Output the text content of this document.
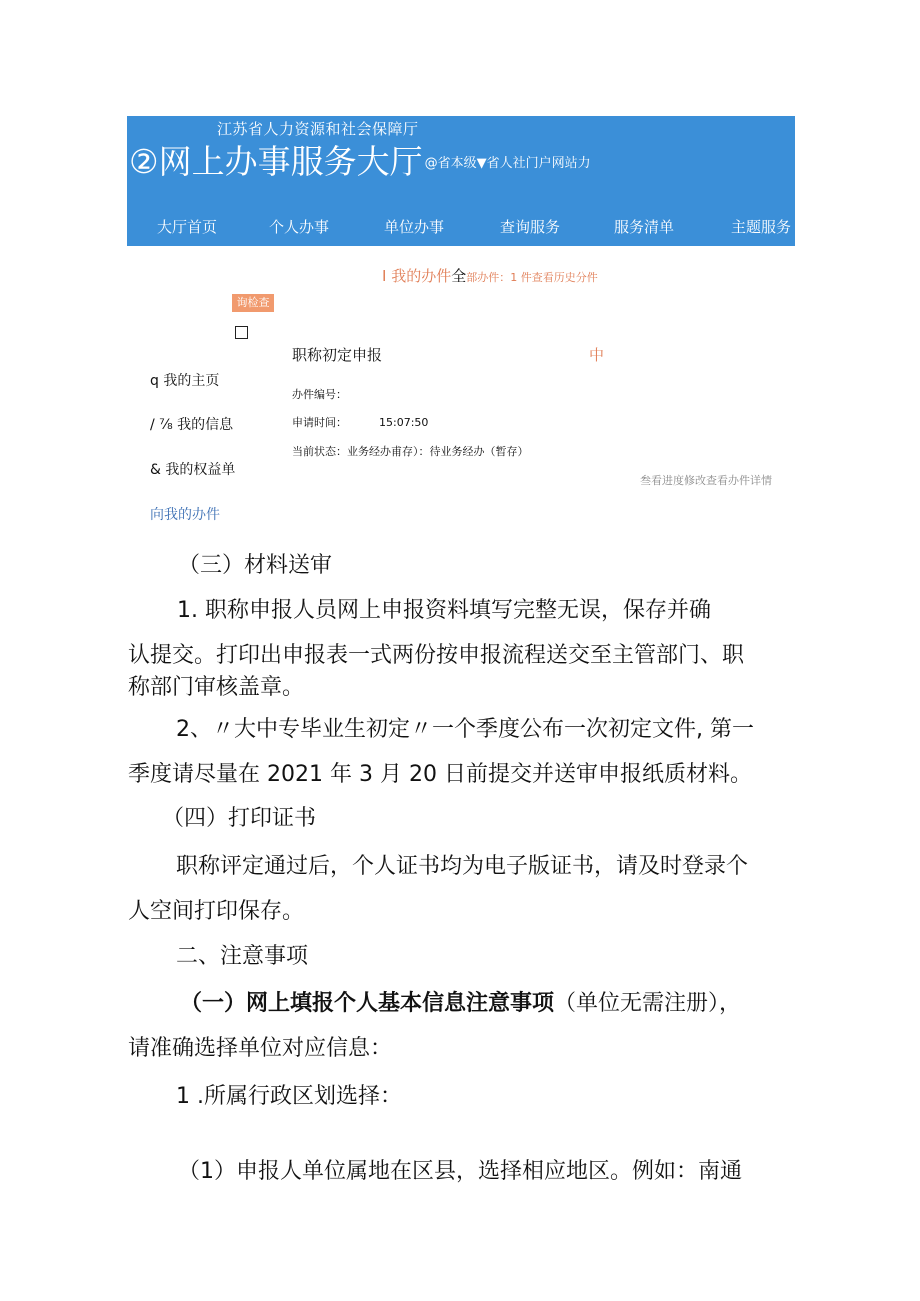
江苏省人力资源和社会保障厅
②网上办事服务大厅 @省本级▼省人社门户网站力
大厅首页	个人办事	单位办事	查询服务	服务清单	主题服务
I 我的办件全部办件：1 件查看历史分件
询检查
q 我的主页
/ ⅞ 我的信息
& 我的权益单
向我的办件
职称初定申报	中
办件编号：
申请时间：	15:07:50
当前状态：业务经办甫存）：待业务经办（暂存）
叁看进度修改查看办件详情
（三）材料送审
1. 职称申报人员网上申报资料填写完整无误，保存并确
认提交。打印出申报表一式两份按申报流程送交至主管部门、职
称部门审核盖章。
2、〃大中专毕业生初定〃一个季度公布一次初定文件, 第一
季度请尽量在 2021 年 3 月 20 日前提交并送审申报纸质材料。
（四）打印证书
职称评定通过后，个人证书均为电子版证书，请及时登录个
人空间打印保存。
二、注意事项
（一）网上填报个人基本信息注意事项（单位无需注册），
请准确选择单位对应信息：
1 .所属行政区划选择：
（1）申报人单位属地在区县，选择相应地区。例如：南通
